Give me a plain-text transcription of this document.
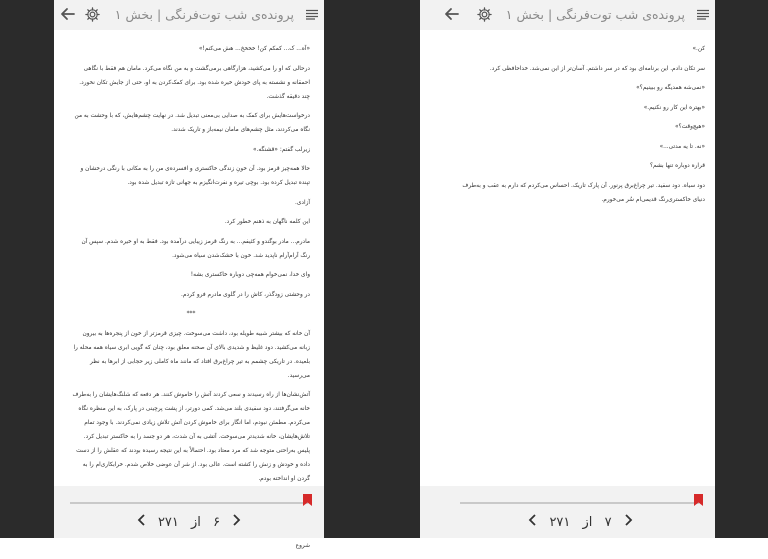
پرونده‌ی شب توت‌فرنگی | بخش ۱

«آه... ک... کمکم کن! خخخخ... هش می‌کنم!»

درحالی که او را می‌کشید، هزارگاهی برمی‌گشت و به من نگاه می‌کرد. مامان هم فقط با نگاهی احمقانه و نشسته به پای خودش خیره شده بود. برای کمک‌کردن به او، حتی از جایش تکان نخورد. چند دقیقه گذشت.

درخواست‌هایش برای کمک به صدایی بی‌معنی تبدیل شد. در نهایت چشم‌هایش، که با وحشت به من نگاه می‌کردند، مثل چشم‌های مامان نیمه‌باز و تاریک شدند.

زیرلب گفتم: «قشنگه.»

حالا همه‌چیز قرمز بود. آن خونِ زندگی خاکستری و افسرده‌ی من را به مکانی با رنگی درخشان و تپنده تبدیل کرده بود. بوچی تیره و نفرت‌انگیزم به جهانی تازه تبدیل شده بود.

آزادی.

این کلمه ناگهان به ذهنم خطور کرد.

مادرم... مادر بوگندو و کثیفم... به رنگ قرمز زیبایی درآمده بود. فقط به او خیره شدم. سپس آن رنگ آرام‌آرام ناپدید شد. خون با خشک‌شدن سیاه می‌شود.

وای خدا، نمی‌خوام همه‌چی دوباره خاکستری بشه!

در وحشتی زودگذر، کاش را در گلوی مادرم فرو کردم.

***

آن خانه که بیشتر شبیه طویله بود، داشت می‌سوخت. چیزی قرمزتر از خون از پنجره‌ها به بیرون زبانه می‌کشید. دود غلیظ و شدیدی بالای آن صحنه معلق بود، چنان که گویی ابری سیاه همه محله را بلعیده. در تاریکی چشمم به تیر چراغ‌برق افتاد که مانند ماه کاملی زیر حجابی از ابرها به نظر می‌رسید.

آتش‌نشان‌ها از راه رسیدند و سعی کردند آتش را خاموش کنند. هر دفعه که شلنگ‌هایشان را به‌طرف خانه می‌گرفتند، دود سفیدی بلند می‌شد. کمی دورتر، از پشت پرچینی در پارک، به این منظره نگاه می‌کردم. مطمئن نبودم، اما انگار برای خاموش کردن آتش تلاش زیادی نمی‌کردند. با وجود تمام تلاش‌هایشان، خانه شدیدتر می‌سوخت. آتشی به آن شدت، هر دو جسد را به خاکستر تبدیل کرد. پلیس به‌راحتی متوجه شد که مرد معتاد بود. احتمالاً به این نتیجه رسیده بودند که عقلش را از دست داده و خودش و زنش را کشته است. عالی بود. از شر آن عوضی خلاص شدم. خرابکاری‌ام را به گردن او انداخته بودم.

شروع

۶ از ۲۷۱
پرونده‌ی شب توت‌فرنگی | بخش ۱

کن.»

سر تکان دادم. این برنامه‌ای بود که در سر داشتم. آسان‌تر از این نمی‌شد. خداحافظی کرد.

«نمی‌شه همدیگه رو ببینیم؟»

«بهتره این کار رو نکنیم.»

«هیچ‌وقت؟»

«نه. تا یه مدتی...»

قراره دوباره تنها بشم؟

دود سیاه. دود سفید. تیر چراغ‌برق پرنور. آن پارک تاریک. احساس می‌کردم که دارم به عقب و به‌طرف دنیای خاکستری‌رنگ قدیمی‌ام سُر می‌خورم.

۷ از ۲۷۱
